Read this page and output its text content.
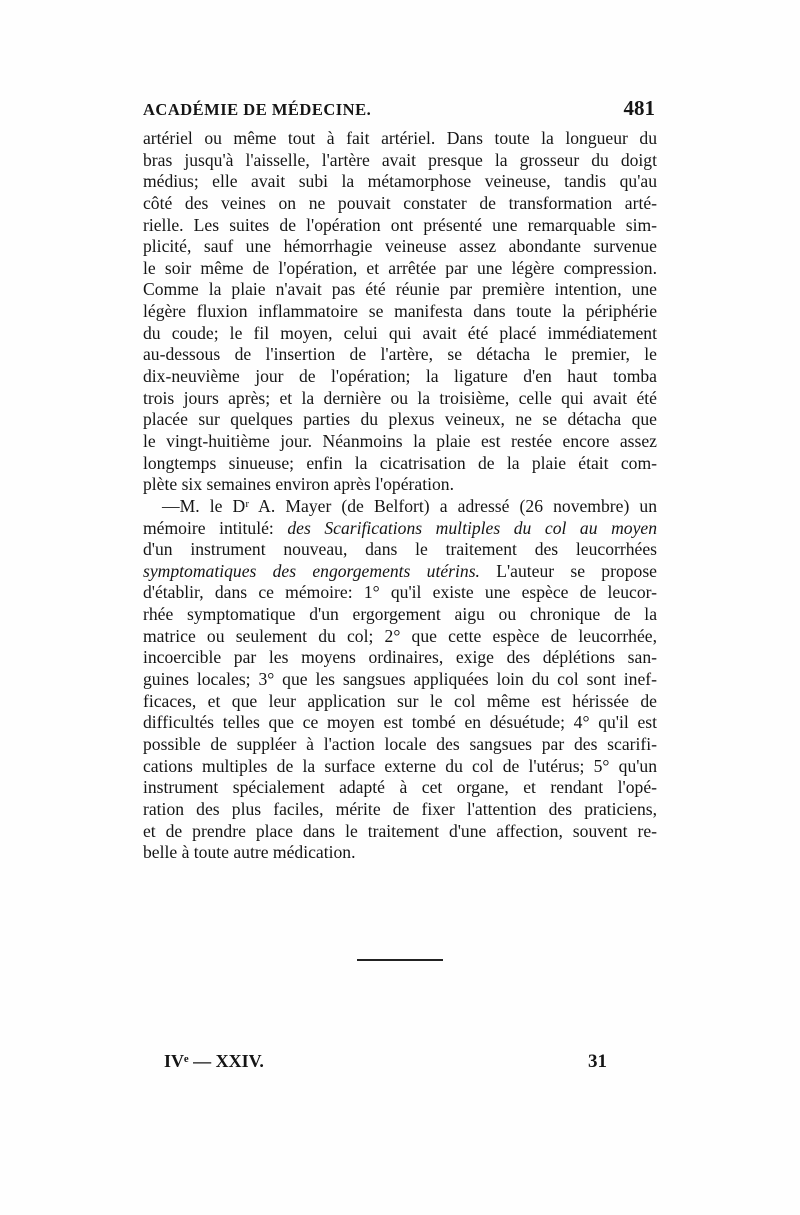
ACADÉMIE DE MÉDECINE.	481
artériel ou même tout à fait artériel. Dans toute la longueur du
bras jusqu'à l'aisselle, l'artère avait presque la grosseur du doigt
médius; elle avait subi la métamorphose veineuse, tandis qu'au
côté des veines on ne pouvait constater de transformation arté-
rielle. Les suites de l'opération ont présenté une remarquable sim-
plicité, sauf une hémorrhagie veineuse assez abondante survenue
le soir même de l'opération, et arrêtée par une légère compression.
Comme la plaie n'avait pas été réunie par première intention, une
légère fluxion inflammatoire se manifesta dans toute la périphérie
du coude; le fil moyen, celui qui avait été placé immédiatement
au-dessous de l'insertion de l'artère, se détacha le premier, le
dix-neuvième jour de l'opération; la ligature d'en haut tomba
trois jours après; et la dernière ou la troisième, celle qui avait été
placée sur quelques parties du plexus veineux, ne se détacha que
le vingt-huitième jour. Néanmoins la plaie est restée encore assez
longtemps sinueuse; enfin la cicatrisation de la plaie était com-
plète six semaines environ après l'opération.
—M. le Dʳ A. Mayer (de Belfort) a adressé (26 novembre) un
mémoire intitulé: des Scarifications multiples du col au moyen
d'un instrument nouveau, dans le traitement des leucorrhées
symptomatiques des engorgements utérins. L'auteur se propose
d'établir, dans ce mémoire: 1° qu'il existe une espèce de leucor-
rhée symptomatique d'un ergorgement aigu ou chronique de la
matrice ou seulement du col; 2° que cette espèce de leucorrhée,
incoercible par les moyens ordinaires, exige des déplétions san-
guines locales; 3° que les sangsues appliquées loin du col sont inef-
ficaces, et que leur application sur le col même est hérissée de
difficultés telles que ce moyen est tombé en désuétude; 4° qu'il est
possible de suppléer à l'action locale des sangsues par des scarifi-
cations multiples de la surface externe du col de l'utérus; 5° qu'un
instrument spécialement adapté à cet organe, et rendant l'opé-
ration des plus faciles, mérite de fixer l'attention des praticiens,
et de prendre place dans le traitement d'une affection, souvent re-
belle à toute autre médication.
IVᵉ — XXIV.	31
